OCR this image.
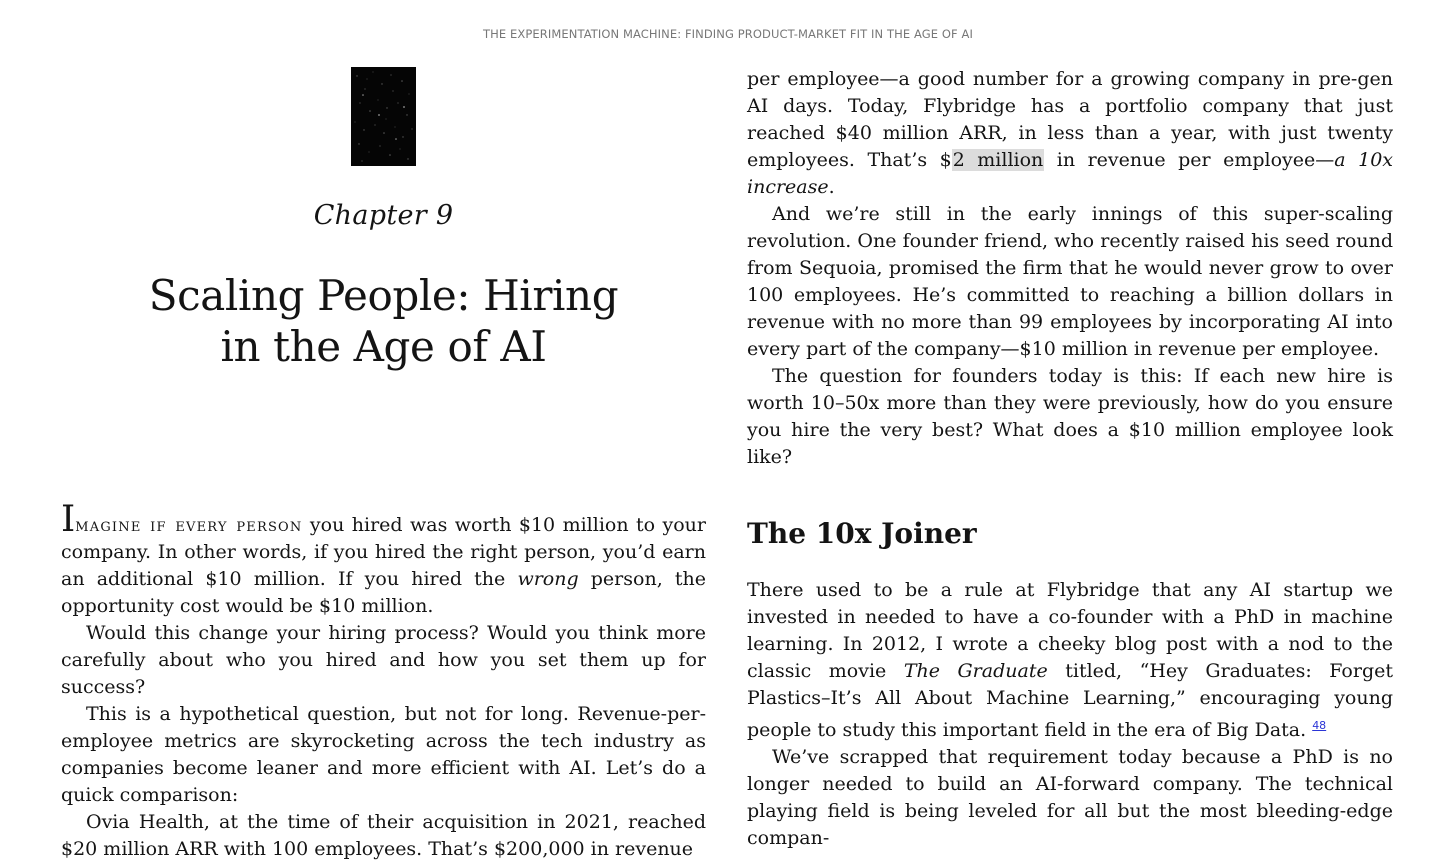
THE EXPERIMENTATION MACHINE: FINDING PRODUCT-MARKET FIT IN THE AGE OF AI
Chapter 9
Scaling People: Hiring
in the Age of AI

Imagine if every person you hired was worth $10 million to your company. In other words, if you hired the right person, you’d earn an additional $10 million. If you hired the wrong person, the opportunity cost would be $10 million.

Would this change your hiring process? Would you think more carefully about who you hired and how you set them up for success?

This is a hypothetical question, but not for long. Revenue-per-employee metrics are skyrocketing across the tech industry as companies become leaner and more efficient with AI. Let’s do a quick comparison:

Ovia Health, at the time of their acquisition in 2021, reached $20 million ARR with 100 employees. That’s $200,000 in revenue

per employee—a good number for a growing company in pre-gen AI days. Today, Flybridge has a portfolio company that just reached $40 million ARR, in less than a year, with just twenty employees. That’s $2 million in revenue per employee—a 10x increase.

And we’re still in the early innings of this super-scaling revolution. One founder friend, who recently raised his seed round from Sequoia, promised the firm that he would never grow to over 100 employees. He’s committed to reaching a billion dollars in revenue with no more than 99 employees by incorporating AI into every part of the company—$10 million in revenue per employee.

The question for founders today is this: If each new hire is worth 10–50x more than they were previously, how do you ensure you hire the very best? What does a $10 million employee look like?

The 10x Joiner

There used to be a rule at Flybridge that any AI startup we invested in needed to have a co-founder with a PhD in machine learning. In 2012, I wrote a cheeky blog post with a nod to the classic movie The Graduate titled, “Hey Graduates: Forget Plastics–It’s All About Machine Learning,” encouraging young people to study this important field in the era of Big Data. $^{48}$

We’ve scrapped that requirement today because a PhD is no longer needed to build an AI-forward company. The technical playing field is being leveled for all but the most bleeding-edge compan-
